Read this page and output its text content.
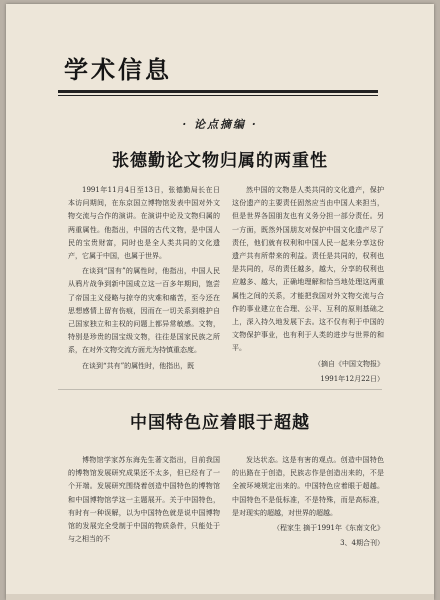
学术信息
· 论点摘编 ·
张德勤论文物归属的两重性

1991年11月4日至13日，张德勤局长在日本访问期间，在东京国立博物馆发表中国对外文物交流与合作的演讲。在演讲中论及文物归属的两重属性。他指出，中国的古代文物，是中国人民的宝贵财富，同时也是全人类共同的文化遗产，它属于中国，也属于世界。

在谈到“国有”的属性时，他指出，中国人民从鸦片战争到新中国成立这一百多年期间，饱尝了帝国主义侵略与掠夺的灾难和痛苦，至今还在思想感情上留有伤痕，因而在一切关系到维护自己国家独立和主权的问题上都异常敏感。文物，特别是珍贵的国宝级文物，往往是国家民族之所系，在对外文物交流方面尤为持慎重态度。

在谈到“共有”的属性时，他指出，既

然中国的文物是人类共同的文化遗产，保护这份遗产的主要责任固然应当由中国人来担当，但是世界各国朋友也有义务分担一部分责任。另一方面，既然外国朋友对保护中国文化遗产尽了责任，他们就有权利和中国人民一起来分享这份遗产共有所带来的利益。责任是共同的，权利也是共同的，尽的责任越多，越大，分享的权利也应越多、越大，正确地理解和恰当地处理这两重属性之间的关系，才能把我国对外文物交流与合作的事业建立在合理、公平、互利的原则基础之上，深入持久地发展下去。这不仅有利于中国的文物保护事业，也有利于人类的进步与世界的和平。

（摘自《中国文物报》

1991年12月22日）

中国特色应着眼于超越

博物馆学家苏东海先生著文指出，目前我国的博物馆发展研究成果还不太多，但已经有了一个开端。发展研究围绕着创造中国特色的博物馆和中国博物馆学这一主题展开。关于中国特色，有时有一种误解，以为中国特色就是说中国博物馆的发展完全受制于中国的物质条件，只能处于与之相当的不

发达状态。这是有害的观点。创造中国特色的出路在于创造，民族志作是创造出来的，不是全被环境规定出来的。中国特色应着眼于超越。中国特色不是低标准，不是特殊，而是高标准，是对现实的超越，对世界的超越。

（程家生 摘于1991年《东南文化》

3、4期合刊）
